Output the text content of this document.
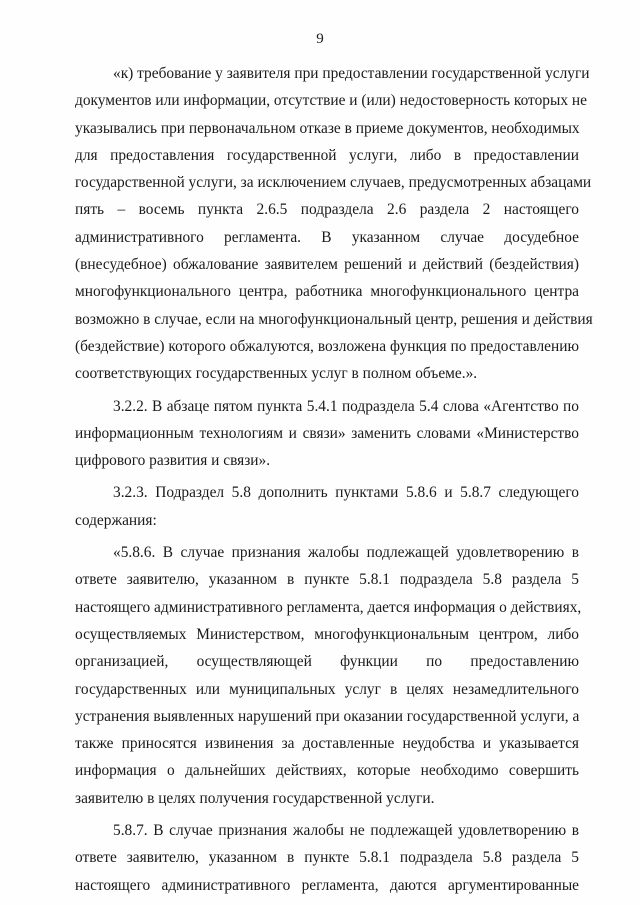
9
«к) требование у заявителя при предоставлении государственной услуги
документов или информации, отсутствие и (или) недостоверность которых не
указывались при первоначальном отказе в приеме документов, необходимых
для предоставления государственной услуги, либо в предоставлении
государственной услуги, за исключением случаев, предусмотренных абзацами
пять – восемь пункта 2.6.5 подраздела 2.6 раздела 2 настоящего
административного регламента. В указанном случае досудебное
(внесудебное) обжалование заявителем решений и действий (бездействия)
многофункционального центра, работника многофункционального центра
возможно в случае, если на многофункциональный центр, решения и действия
(бездействие) которого обжалуются, возложена функция по предоставлению
соответствующих государственных услуг в полном объеме.».
3.2.2. В абзаце пятом пункта 5.4.1 подраздела 5.4 слова «Агентство по
информационным технологиям и связи» заменить словами «Министерство
цифрового развития и связи».
3.2.3. Подраздел 5.8 дополнить пунктами 5.8.6 и 5.8.7 следующего
содержания:
«5.8.6. В случае признания жалобы подлежащей удовлетворению в
ответе заявителю, указанном в пункте 5.8.1 подраздела 5.8 раздела 5
настоящего административного регламента, дается информация о действиях,
осуществляемых Министерством, многофункциональным центром, либо
организацией, осуществляющей функции по предоставлению
государственных или муниципальных услуг в целях незамедлительного
устранения выявленных нарушений при оказании государственной услуги, а
также приносятся извинения за доставленные неудобства и указывается
информация о дальнейших действиях, которые необходимо совершить
заявителю в целях получения государственной услуги.
5.8.7. В случае признания жалобы не подлежащей удовлетворению в
ответе заявителю, указанном в пункте 5.8.1 подраздела 5.8 раздела 5
настоящего административного регламента, даются аргументированные
